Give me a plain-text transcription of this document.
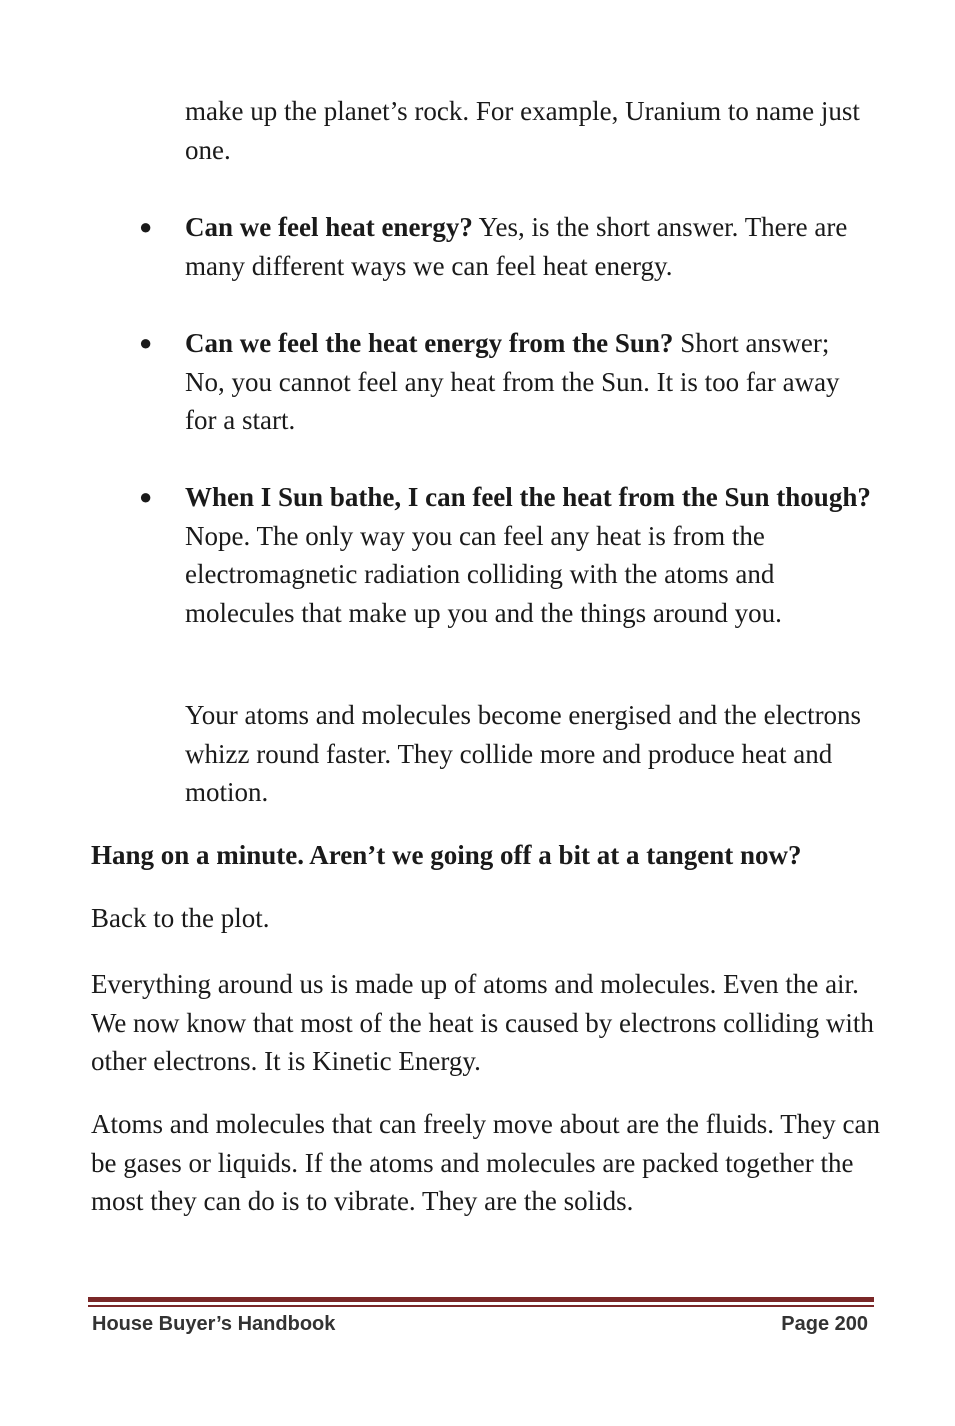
make up the planet’s rock. For example, Uranium to name just one.
● Can we feel heat energy? Yes, is the short answer. There are many different ways we can feel heat energy.
● Can we feel the heat energy from the Sun? Short answer; No, you cannot feel any heat from the Sun. It is too far away for a start.
● When I Sun bathe, I can feel the heat from the Sun though? Nope. The only way you can feel any heat is from the electromagnetic radiation colliding with the atoms and molecules that make up you and the things around you.
Your atoms and molecules become energised and the electrons whizz round faster. They collide more and produce heat and motion.
Hang on a minute. Aren’t we going off a bit at a tangent now?
Back to the plot.
Everything around us is made up of atoms and molecules. Even the air. We now know that most of the heat is caused by electrons colliding with other electrons. It is Kinetic Energy.
Atoms and molecules that can freely move about are the fluids. They can be gases or liquids. If the atoms and molecules are packed together the most they can do is to vibrate. They are the solids.
House Buyer’s Handbook	Page 200
